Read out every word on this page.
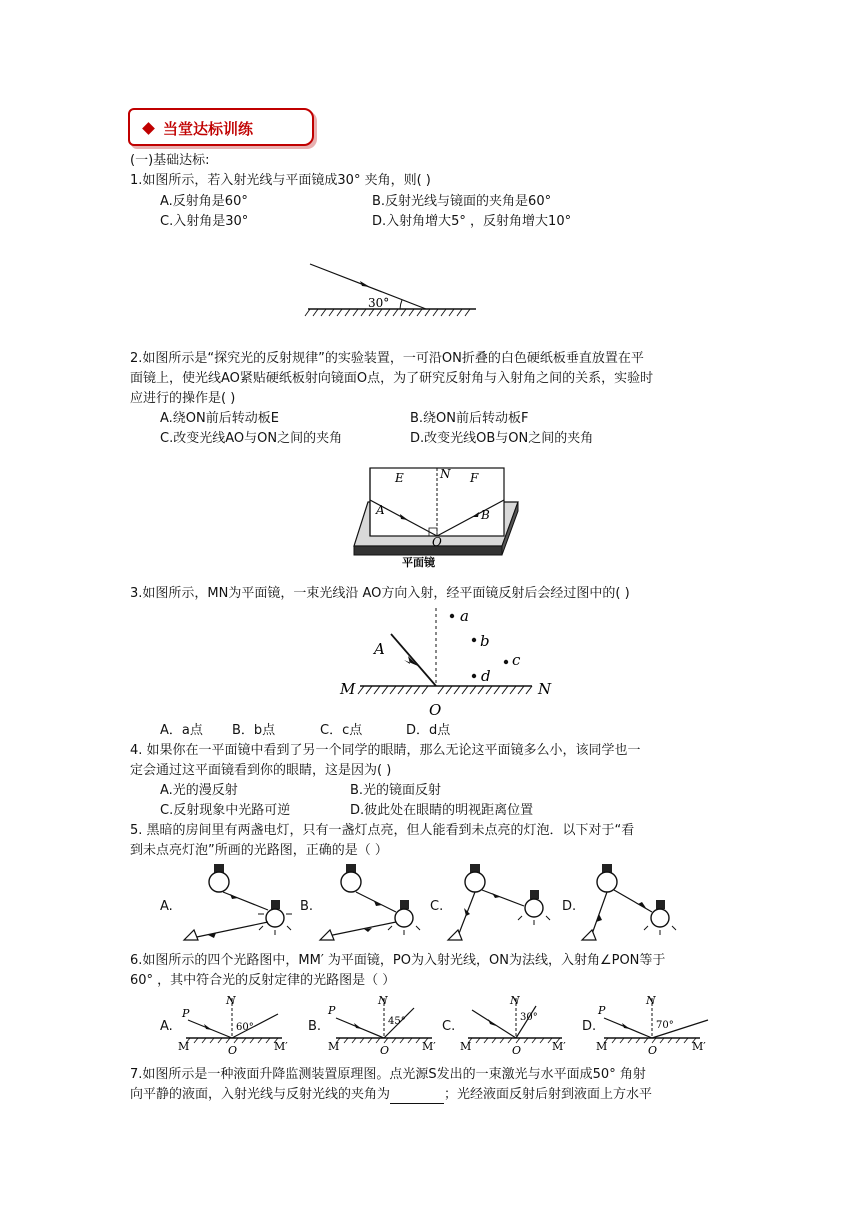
当堂达标训练
(一)基础达标:
1.如图所示，若入射光线与平面镜成30° 夹角，则( )
A.反射角是60°	B.反射光线与镜面的夹角是60°
C.入射角是30°	D.入射角增大5° ，反射角增大10°
30°
2.如图所示是“探究光的反射规律”的实验装置，一可沿ON折叠的白色硬纸板垂直放置在平
面镜上，使光线AO紧贴硬纸板射向镜面O点，为了研究反射角与入射角之间的关系，实验时
应进行的操作是( )
A.绕ON前后转动板E	B.绕ON前后转动板F
C.改变光线AO与ON之间的夹角	D.改变光线OB与ON之间的夹角
E	N F
A	B
O
平面镜
3.如图所示，MN为平面镜，一束光线沿 AO方向入射，经平面镜反射后会经过图中的( )
A
a
b
c
d
M	N
O
A．a点 B．b点	C．c点	D．d点
4. 如果你在一平面镜中看到了另一个同学的眼睛，那么无论这平面镜多么小，该同学也一
定会通过这平面镜看到你的眼睛，这是因为( )
A.光的漫反射	B.光的镜面反射
C.反射现象中光路可逆	D.彼此处在眼睛的明视距离位置
5. 黑暗的房间里有两盏电灯，只有一盏灯点亮，但人能看到未点亮的灯泡．以下对于“看
到未点亮灯泡”所画的光路图，正确的是（ ）
A.	B.	C.	D.
6.如图所示的四个光路图中，MM′ 为平面镜，PO为入射光线，ON为法线，入射角∠PON等于
60° ，其中符合光的反射定律的光路图是（ ）
A.	B.	C.	D.
P
N
60°
M	M′
O
P
N
45°
M	M′
O
N
30°
M	M′
O
P
N
70°
M	M′
O
7.如图所示是一种液面升降监测装置原理图。点光源S发出的一束激光与水平面成50° 角射
向平静的液面，入射光线与反射光线的夹角为	；光经液面反射后射到液面上方水平
